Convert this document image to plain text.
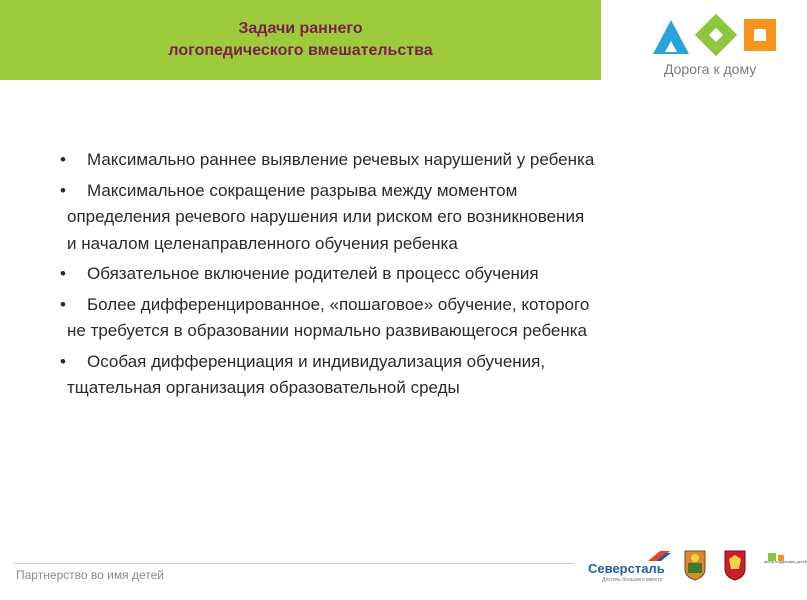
Задачи раннего
логопедического вмешательства
Дорога к дому
• Максимально раннее выявление речевых нарушений у ребенка
• Максимальное сокращение разрыва между моментом
определения речевого нарушения или риском его возникновения
и началом целенаправленного обучения ребенка
• Обязательное включение родителей в процесс обучения
• Более дифференцированное, «пошаговое» обучение, которого
не требуется в образовании нормально развивающегося ребенка
• Особая дифференциация и индивидуализация обучения,
тщательная организация образовательной среды
Партнерство во имя детей	Северсталь
Достичь большего вместе
фонд поддержки детей
